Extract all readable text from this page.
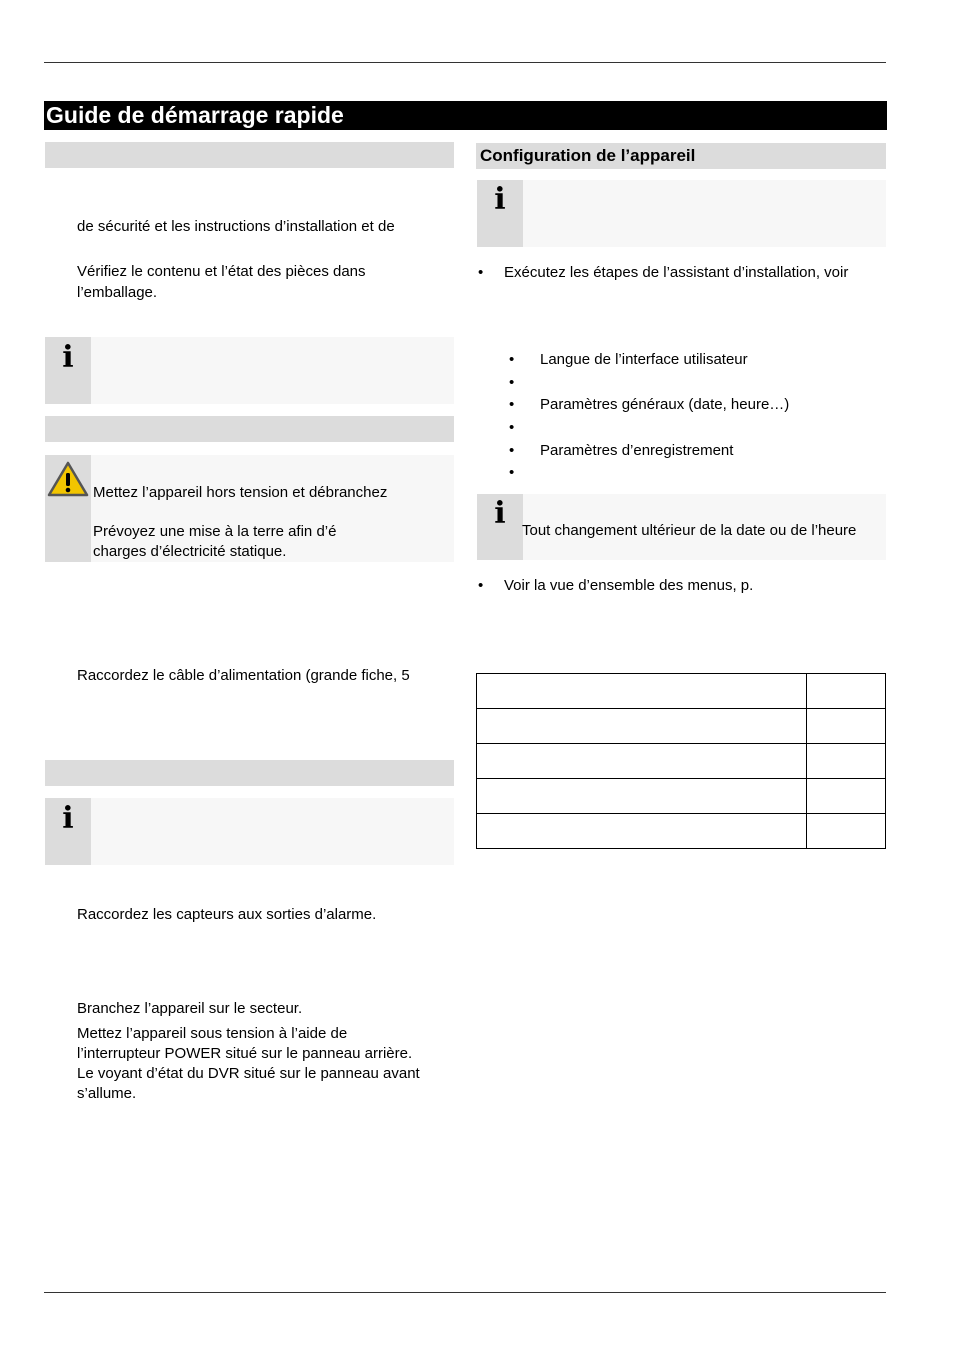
Guide de démarrage rapide
de sécurité et les instructions d’installation et de
Vérifiez le contenu et l’état des pièces dans
l’emballage.
i
Mettez l’appareil hors tension et débranchez
Prévoyez une mise à la terre afin d’é
charges d’électricité statique.
Raccordez le câble d’alimentation (grande fiche, 5
i
Raccordez les capteurs aux sorties d’alarme.
Branchez l’appareil sur le secteur.
Mettez l’appareil sous tension à l’aide de
l’interrupteur POWER situé sur le panneau arrière.
Le voyant d’état du DVR situé sur le panneau avant
s’allume.
Configuration de l’appareil
i
• Exécutez les étapes de l’assistant d’installation, voir
• Langue de l’interface utilisateur
•
• Paramètres généraux (date, heure…)
•
• Paramètres d’enregistrement
•
i	Tout changement ultérieur de la date ou de l’heure
• Voir la vue d’ensemble des menus, p.
